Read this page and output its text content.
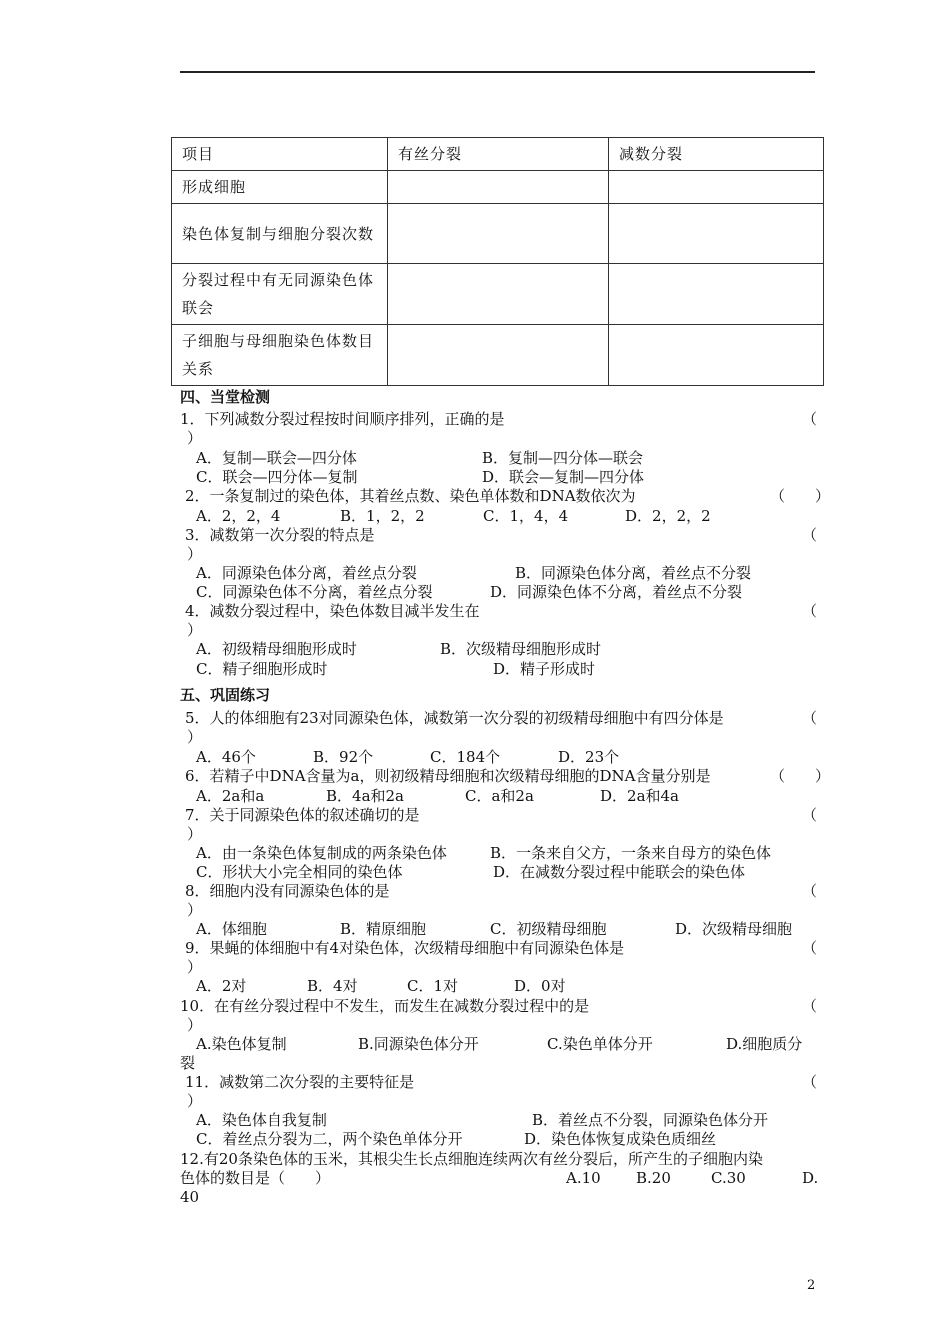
项目	有丝分裂	减数分裂
形成细胞		
染色体复制与细胞分裂次数		
分裂过程中有无同源染色体联会		
子细胞与母细胞染色体数目关系		
四、当堂检测
1．下列减数分裂过程按时间顺序排列，正确的是	（
）
A．复制—联会—四分体	B．复制—四分体—联会
C．联会—四分体—复制	D．联会—复制—四分体
2．一条复制过的染色体，其着丝点数、染色单体数和DNA数依次为	（　　）
A．2，2，4	B．1，2，2	C．1，4，4	D．2，2，2
3．减数第一次分裂的特点是	（
）
A．同源染色体分离，着丝点分裂	B．同源染色体分离，着丝点不分裂
C．同源染色体不分离，着丝点分裂	D．同源染色体不分离，着丝点不分裂
4．减数分裂过程中，染色体数目减半发生在	（
）
A．初级精母细胞形成时	B．次级精母细胞形成时
C．精子细胞形成时	D．精子形成时
五、巩固练习
5．人的体细胞有23对同源染色体，减数第一次分裂的初级精母细胞中有四分体是	（
）
A．46个	B．92个	C．184个	D．23个
6．若精子中DNA含量为a，则初级精母细胞和次级精母细胞的DNA含量分别是	（　　）
A．2a和a	B．4a和2a	C．a和2a	D．2a和4a
7．关于同源染色体的叙述确切的是	（
）
A．由一条染色体复制成的两条染色体	B．一条来自父方，一条来自母方的染色体
C．形状大小完全相同的染色体	D．在减数分裂过程中能联会的染色体
8．细胞内没有同源染色体的是	（
）
A．体细胞	B．精原细胞	C．初级精母细胞	D．次级精母细胞
9．果蝇的体细胞中有4对染色体，次级精母细胞中有同源染色体是	（
）
A．2对	B．4对	C．1对	D．0对
10．在有丝分裂过程中不发生，而发生在减数分裂过程中的是	（
）
A.染色体复制	B.同源染色体分开	C.染色单体分开	D.细胞质分
裂
11．减数第二次分裂的主要特征是	（
）
A．染色体自我复制	B．着丝点不分裂，同源染色体分开
C．着丝点分裂为二，两个染色单体分开	D．染色体恢复成染色质细丝
12.有20条染色体的玉米，其根尖生长点细胞连续两次有丝分裂后，所产生的子细胞内染
色体的数目是（　　）	A.10 B.20	C.30	D.
40
2
